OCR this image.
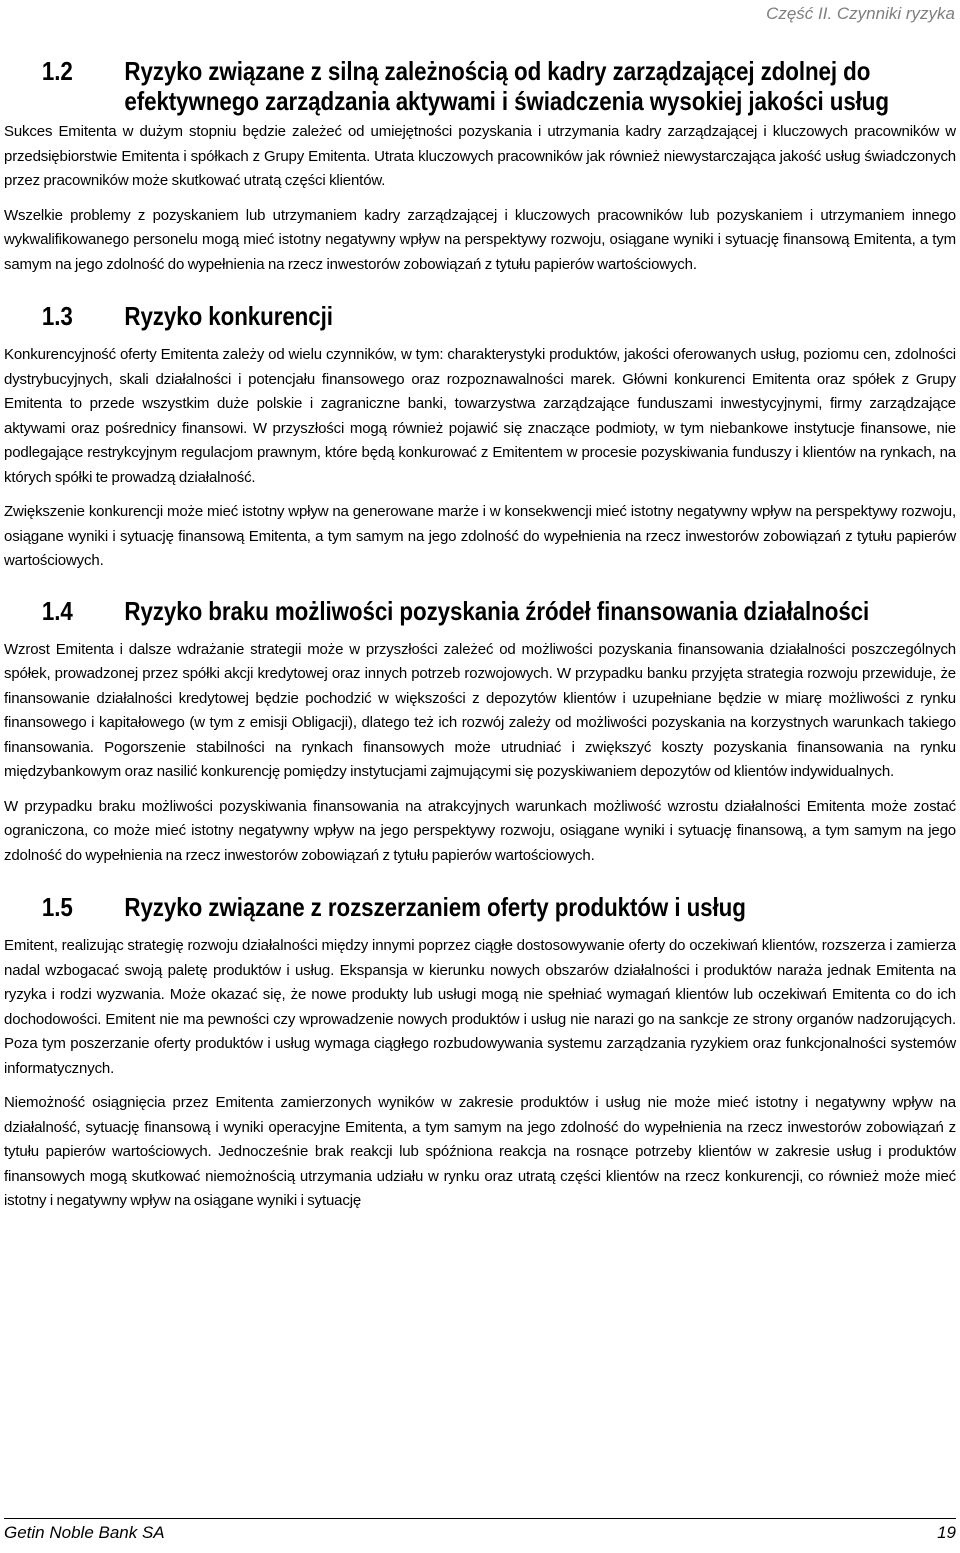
Część II. Czynniki ryzyka
1.2	Ryzyko związane z silną zależnością od kadry zarządzającej zdolnej do efektywnego zarządzania aktywami i świadczenia wysokiej jakości usług

Sukces Emitenta w dużym stopniu będzie zależeć od umiejętności pozyskania i utrzymania kadry zarządzającej i kluczowych pracowników w przedsiębiorstwie Emitenta i spółkach z Grupy Emitenta. Utrata kluczowych pracowników jak również niewystarczająca jakość usług świadczonych przez pracowników może skutkować utratą części klientów.

Wszelkie problemy z pozyskaniem lub utrzymaniem kadry zarządzającej i kluczowych pracowników lub pozyskaniem i utrzymaniem innego wykwalifikowanego personelu mogą mieć istotny negatywny wpływ na perspektywy rozwoju, osiągane wyniki i sytuację finansową Emitenta, a tym samym na jego zdolność do wypełnienia na rzecz inwestorów zobowiązań z tytułu papierów wartościowych.

1.3	Ryzyko konkurencji

Konkurencyjność oferty Emitenta zależy od wielu czynników, w tym: charakterystyki produktów, jakości oferowanych usług, poziomu cen, zdolności dystrybucyjnych, skali działalności i potencjału finansowego oraz rozpoznawalności marek. Główni konkurenci Emitenta oraz spółek z Grupy Emitenta to przede wszystkim duże polskie i zagraniczne banki, towarzystwa zarządzające funduszami inwestycyjnymi, firmy zarządzające aktywami oraz pośrednicy finansowi. W przyszłości mogą również pojawić się znaczące podmioty, w tym niebankowe instytucje finansowe, nie podlegające restrykcyjnym regulacjom prawnym, które będą konkurować z Emitentem w procesie pozyskiwania funduszy i klientów na rynkach, na których spółki te prowadzą działalność.

Zwiększenie konkurencji może mieć istotny wpływ na generowane marże i w konsekwencji mieć istotny negatywny wpływ na perspektywy rozwoju, osiągane wyniki i sytuację finansową Emitenta, a tym samym na jego zdolność do wypełnienia na rzecz inwestorów zobowiązań z tytułu papierów wartościowych.

1.4	Ryzyko braku możliwości pozyskania źródeł finansowania działalności

Wzrost Emitenta i dalsze wdrażanie strategii może w przyszłości zależeć od możliwości pozyskania finansowania działalności poszczególnych spółek, prowadzonej przez spółki akcji kredytowej oraz innych potrzeb rozwojowych. W przypadku banku przyjęta strategia rozwoju przewiduje, że finansowanie działalności kredytowej będzie pochodzić w większości z depozytów klientów i uzupełniane będzie w miarę możliwości z rynku finansowego i kapitałowego (w tym z emisji Obligacji), dlatego też ich rozwój zależy od możliwości pozyskania na korzystnych warunkach takiego finansowania. Pogorszenie stabilności na rynkach finansowych może utrudniać i zwiększyć koszty pozyskania finansowania na rynku międzybankowym oraz nasilić konkurencję pomiędzy instytucjami zajmującymi się pozyskiwaniem depozytów od klientów indywidualnych.

W przypadku braku możliwości pozyskiwania finansowania na atrakcyjnych warunkach możliwość wzrostu działalności Emitenta może zostać ograniczona, co może mieć istotny negatywny wpływ na jego perspektywy rozwoju, osiągane wyniki i sytuację finansową, a tym samym na jego zdolność do wypełnienia na rzecz inwestorów zobowiązań z tytułu papierów wartościowych.

1.5	Ryzyko związane z rozszerzaniem oferty produktów i usług

Emitent, realizując strategię rozwoju działalności między innymi poprzez ciągłe dostosowywanie oferty do oczekiwań klientów, rozszerza i zamierza nadal wzbogacać swoją paletę produktów i usług. Ekspansja w kierunku nowych obszarów działalności i produktów naraża jednak Emitenta na ryzyka i rodzi wyzwania. Może okazać się, że nowe produkty lub usługi mogą nie spełniać wymagań klientów lub oczekiwań Emitenta co do ich dochodowości. Emitent nie ma pewności czy wprowadzenie nowych produktów i usług nie narazi go na sankcje ze strony organów nadzorujących. Poza tym poszerzanie oferty produktów i usług wymaga ciągłego rozbudowywania systemu zarządzania ryzykiem oraz funkcjonalności systemów informatycznych.

Niemożność osiągnięcia przez Emitenta zamierzonych wyników w zakresie produktów i usług nie może mieć istotny i negatywny wpływ na działalność, sytuację finansową i wyniki operacyjne Emitenta, a tym samym na jego zdolność do wypełnienia na rzecz inwestorów zobowiązań z tytułu papierów wartościowych. Jednocześnie brak reakcji lub spóźniona reakcja na rosnące potrzeby klientów w zakresie usług i produktów finansowych mogą skutkować niemożnością utrzymania udziału w rynku oraz utratą części klientów na rzecz konkurencji, co również może mieć istotny i negatywny wpływ na osiągane wyniki i sytuację

Getin Noble Bank SA	19
